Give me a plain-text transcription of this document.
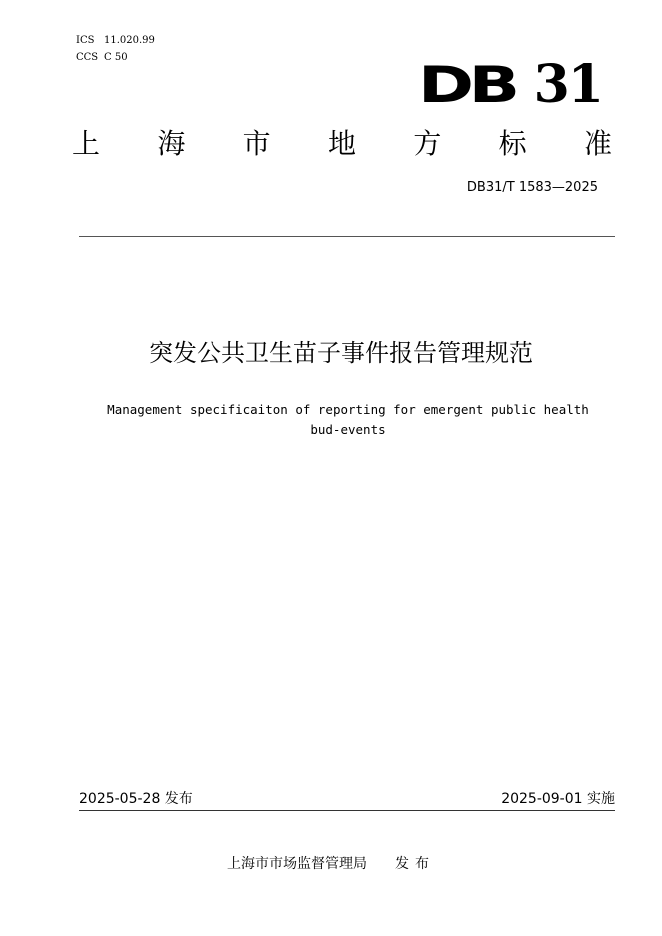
ICS 11.020.99
CCS C 50	DB 31
上 海 市 地 方 标 准
DB31/T 1583—2025
突发公共卫生苗子事件报告管理规范
Management specificaiton of reporting for emergent public health
bud-events
2025-05-28 发布	2025-09-01 实施
上海市市场监督管理局 发布
